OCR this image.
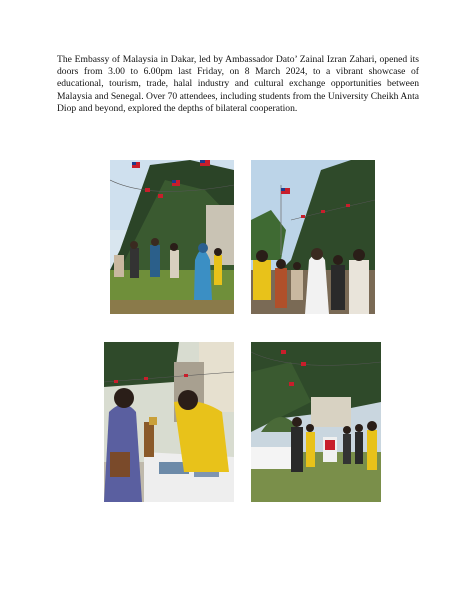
The Embassy of Malaysia in Dakar, led by Ambassador Dato’ Zainal Izran Zahari, opened its doors from 3.00 to 6.00pm last Friday, on 8 March 2024, to a vibrant showcase of educational, tourism, trade, halal industry and cultural exchange opportunities between Malaysia and Senegal. Over 70 attendees, including students from the University Cheikh Anta Diop and beyond, explored the depths of bilateral cooperation.
